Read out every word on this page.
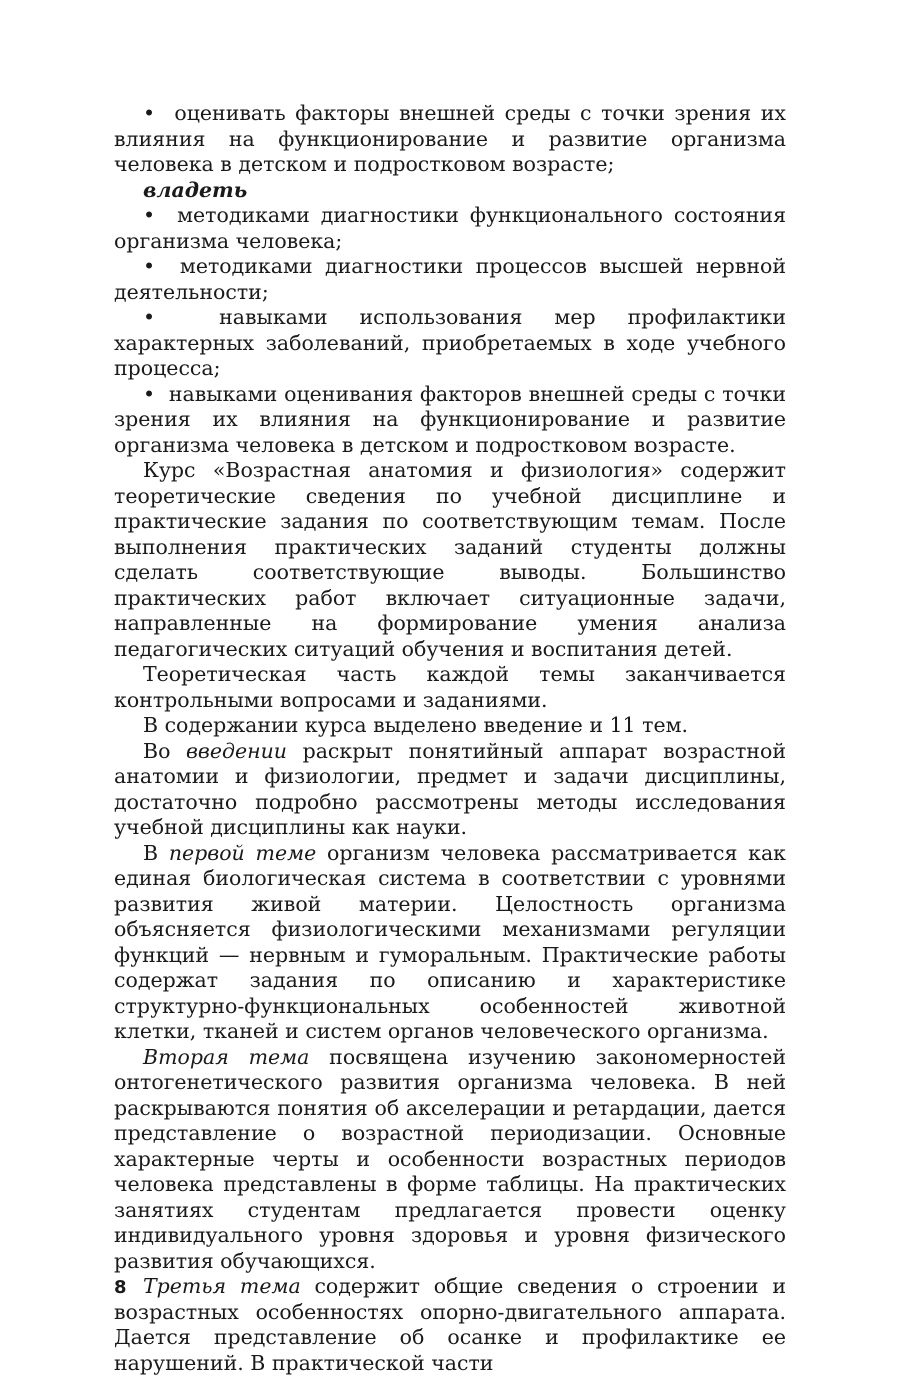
•  оценивать факторы внешней среды с точки зрения их влияния на функционирование и развитие организма человека в детском и подростковом возрасте;

владеть

•  методиками диагностики функционального состояния организма человека;

•  методиками диагностики процессов высшей нервной деятельности;

•  навыками использования мер профилактики характерных заболеваний, приобретаемых в ходе учебного процесса;

•  навыками оценивания факторов внешней среды с точки зрения их влияния на функционирование и развитие организма человека в детском и подростковом возрасте.

Курс «Возрастная анатомия и физиология» содержит теоретические сведения по учебной дисциплине и практические задания по соответствующим темам. После выполнения практических заданий студенты должны сделать соответствующие выводы. Большинство практических работ включает ситуационные задачи, направленные на формирование умения анализа педагогических ситуаций обучения и воспитания детей.

Теоретическая часть каждой темы заканчивается контрольными вопросами и заданиями.

В содержании курса выделено введение и 11 тем.

Во введении раскрыт понятийный аппарат возрастной анатомии и физиологии, предмет и задачи дисциплины, достаточно подробно рассмотрены методы исследования учебной дисциплины как науки.

В первой теме организм человека рассматривается как единая биологическая система в соответствии с уровнями развития живой материи. Целостность организма объясняется физиологическими механизмами регуляции функций — нервным и гуморальным. Практические работы содержат задания по описанию и характеристике структурно-функциональных особенностей животной клетки, тканей и систем органов человеческого организма.

Вторая тема посвящена изучению закономерностей онтогенетического развития организма человека. В ней раскрываются понятия об акселерации и ретардации, дается представление о возрастной периодизации. Основные характерные черты и особенности возрастных периодов человека представлены в форме таблицы. На практических занятиях студентам предлагается провести оценку индивидуального уровня здоровья и уровня физического развития обучающихся.

Третья тема содержит общие сведения о строении и возрастных особенностях опорно-двигательного аппарата. Дается представление об осанке и профилактике ее нарушений. В практической части

8
